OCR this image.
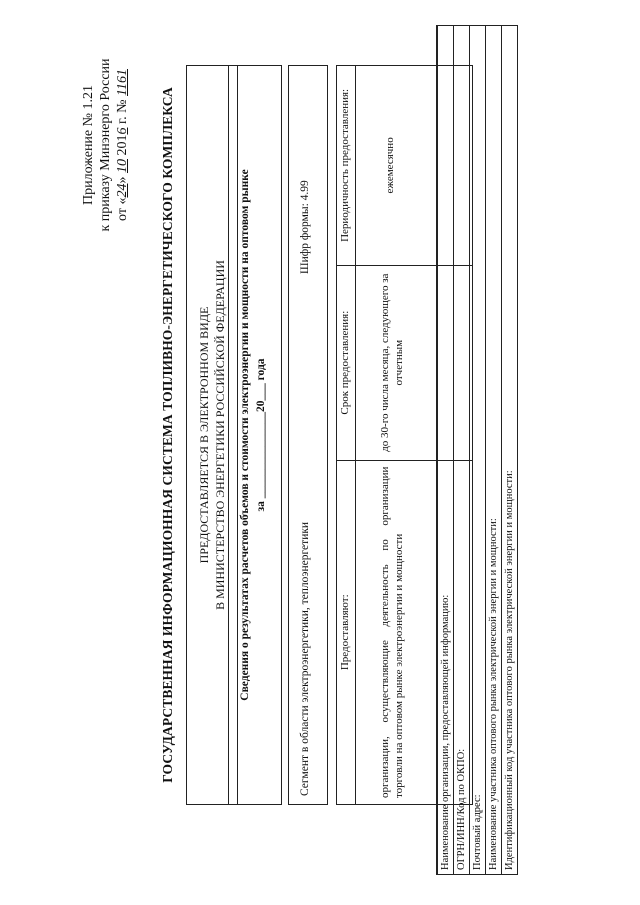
Приложение № 1.21 к приказу Минэнерго России от «24» 10 2016 г. № 1161
ГОСУДАРСТВЕННАЯ ИНФОРМАЦИОННАЯ СИСТЕМА ТОПЛИВНО-ЭНЕРГЕТИЧЕСКОГО КОМПЛЕКСА	ПРЕДОСТАВЛЯЕТСЯ В ЭЛЕКТРОННОМ ВИДЕ В МИНИСТЕРСТВО ЭНЕРГЕТИКИ РОССИЙСКОЙ ФЕДЕРАЦИИ	Сведения о результатах расчетов объемов и стоимости электроэнергии и мощности на оптовом рынке за _______________20___ года
Сегмент в области электроэнергетики, теплоэнергетики
Шифр формы: 4.99
Предоставляют:	Срок предоставления:	Периодичность предоставления:
организации, осуществляющие деятельность по организации торговли на оптовом рынке электроэнергии и мощности	до 30-го числа месяца, следующего за отчетным	ежемесячно
Наименование организации, предоставляющей информацию:
ОГРН/ИНН/Код по ОКПО:
Почтовый адрес:
Наименование участника оптового рынка электрической энергии и мощности:
Идентификационный код участника оптового рынка электрической энергии и мощности:
